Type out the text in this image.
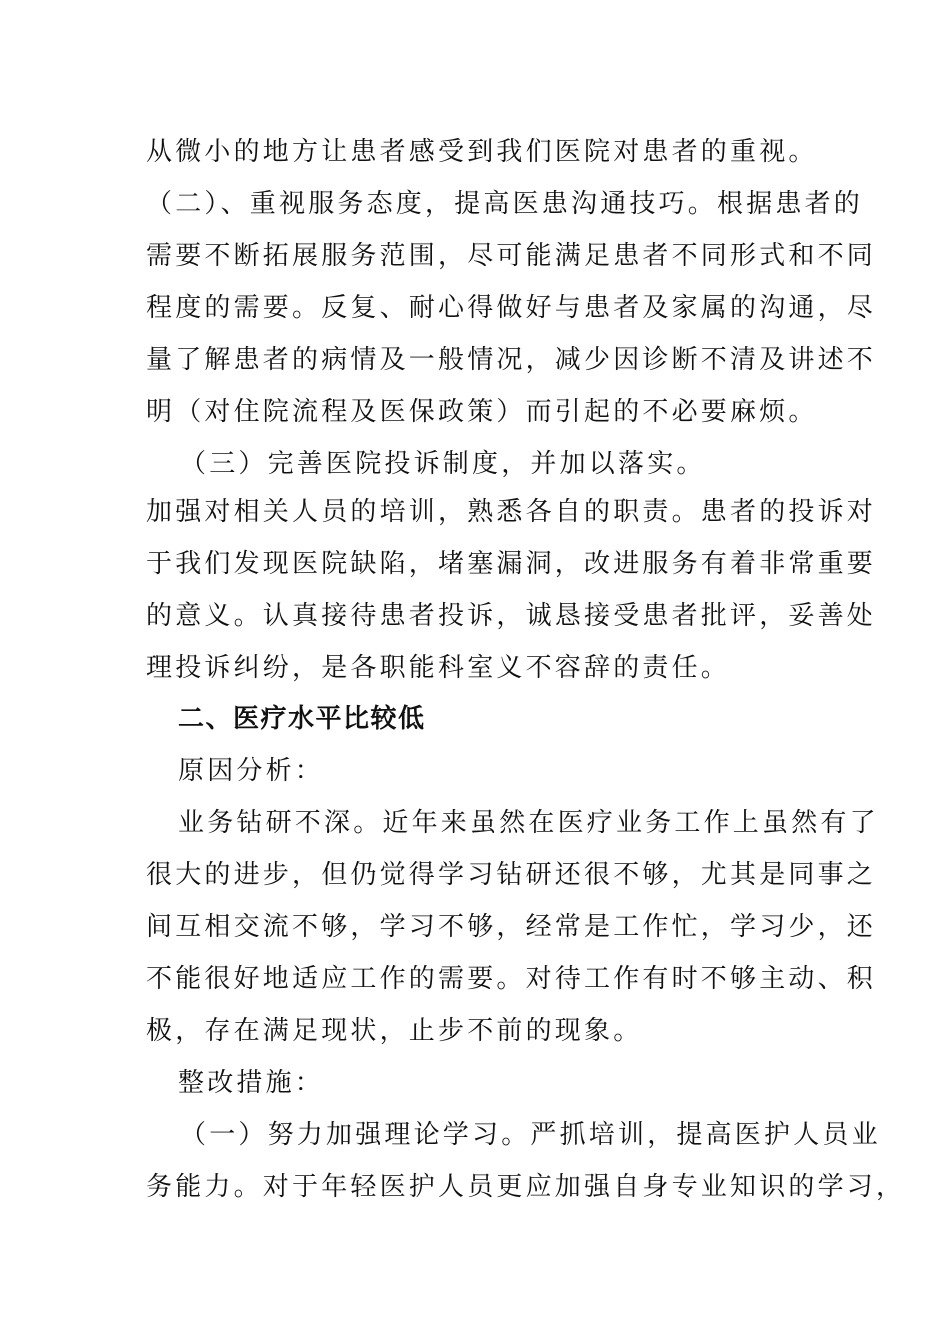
从微小的地方让患者感受到我们医院对患者的重视。
（二）、重视服务态度，提高医患沟通技巧。根据患者的
需要不断拓展服务范围，尽可能满足患者不同形式和不同
程度的需要。反复、耐心得做好与患者及家属的沟通，尽
量了解患者的病情及一般情况，减少因诊断不清及讲述不
明（对住院流程及医保政策）而引起的不必要麻烦。
（三）完善医院投诉制度，并加以落实。
加强对相关人员的培训，熟悉各自的职责。患者的投诉对
于我们发现医院缺陷，堵塞漏洞，改进服务有着非常重要
的意义。认真接待患者投诉，诚恳接受患者批评，妥善处
理投诉纠纷，是各职能科室义不容辞的责任。
二、医疗水平比较低
原因分析：
业务钻研不深。近年来虽然在医疗业务工作上虽然有了
很大的进步，但仍觉得学习钻研还很不够，尤其是同事之
间互相交流不够，学习不够，经常是工作忙，学习少，还
不能很好地适应工作的需要。对待工作有时不够主动、积
极，存在满足现状，止步不前的现象。
整改措施：
（一）努力加强理论学习。严抓培训，提高医护人员业
务能力。对于年轻医护人员更应加强自身专业知识的学习，
